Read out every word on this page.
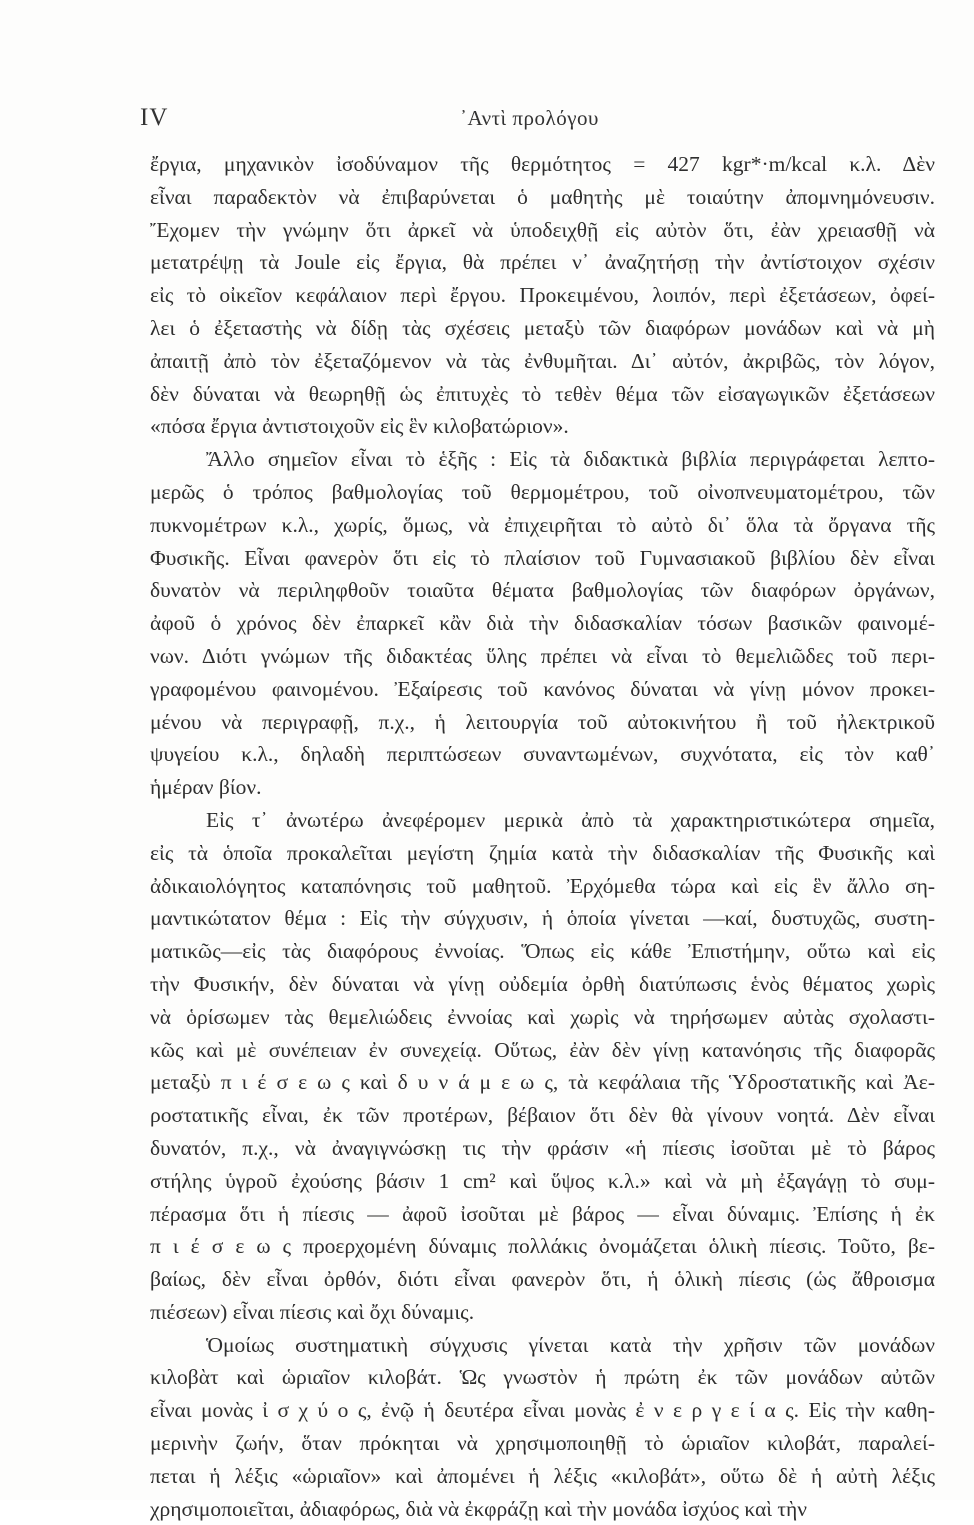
IV	᾽Αντὶ προλόγου
ἔργια, μηχανικὸν ἰσοδύναμον τῆς θερμότητος = 427 kgr*·m/kcal κ.λ. Δὲν
εἶναι παραδεκτὸν νὰ ἐπιβαρύνεται ὁ μαθητὴς μὲ τοιαύτην ἀπομνημόνευσιν.
Ἔχομεν τὴν γνώμην ὅτι ἀρκεῖ νὰ ὑποδειχθῇ εἰς αὐτὸν ὅτι, ἐὰν χρειασθῇ νὰ
μετατρέψῃ τὰ Joule εἰς ἔργια, θὰ πρέπει ν᾽ ἀναζητήσῃ τὴν ἀντίστοιχον σχέσιν
εἰς τὸ οἰκεῖον κεφάλαιον περὶ ἔργου. Προκειμένου, λοιπόν, περὶ ἐξετάσεων, ὀφεί-
λει ὁ ἐξεταστὴς νὰ δίδῃ τὰς σχέσεις μεταξὺ τῶν διαφόρων μονάδων καὶ νὰ μὴ
ἀπαιτῇ ἀπὸ τὸν ἐξεταζόμενον νὰ τὰς ἐνθυμῆται. Δι᾽ αὐτόν, ἀκριβῶς, τὸν λόγον,
δὲν δύναται νὰ θεωρηθῇ ὡς ἐπιτυχὲς τὸ τεθὲν θέμα τῶν εἰσαγωγικῶν ἐξετάσεων
«πόσα ἔργια ἀντιστοιχοῦν εἰς ἓν κιλοβατώριον».
Ἄλλο σημεῖον εἶναι τὸ ἑξῆς : Εἰς τὰ διδακτικὰ βιβλία περιγράφεται λεπτο-
μερῶς ὁ τρόπος βαθμολογίας τοῦ θερμομέτρου, τοῦ οἰνοπνευματομέτρου, τῶν
πυκνομέτρων κ.λ., χωρίς, ὅμως, νὰ ἐπιχειρῆται τὸ αὐτὸ δι᾽ ὅλα τὰ ὄργανα τῆς
Φυσικῆς. Εἶναι φανερὸν ὅτι εἰς τὸ πλαίσιον τοῦ Γυμνασιακοῦ βιβλίου δὲν εἶναι
δυνατὸν νὰ περιληφθοῦν τοιαῦτα θέματα βαθμολογίας τῶν διαφόρων ὀργάνων,
ἀφοῦ ὁ χρόνος δὲν ἐπαρκεῖ κἂν διὰ τὴν διδασκαλίαν τόσων βασικῶν φαινομέ-
νων. Διότι γνώμων τῆς διδακτέας ὕλης πρέπει νὰ εἶναι τὸ θεμελιῶδες τοῦ περι-
γραφομένου φαινομένου. Ἐξαίρεσις τοῦ κανόνος δύναται νὰ γίνῃ μόνον προκει-
μένου νὰ περιγραφῇ, π.χ., ἡ λειτουργία τοῦ αὐτοκινήτου ἢ τοῦ ἠλεκτρικοῦ
ψυγείου κ.λ., δηλαδὴ περιπτώσεων συναντωμένων, συχνότατα, εἰς τὸν καθ᾽
ἡμέραν βίον.
Εἰς τ᾽ ἀνωτέρω ἀνεφέρομεν μερικὰ ἀπὸ τὰ χαρακτηριστικώτερα σημεῖα,
εἰς τὰ ὁποῖα προκαλεῖται μεγίστη ζημία κατὰ τὴν διδασκαλίαν τῆς Φυσικῆς καὶ
ἀδικαιολόγητος καταπόνησις τοῦ μαθητοῦ. Ἐρχόμεθα τώρα καὶ εἰς ἓν ἄλλο ση-
μαντικώτατον θέμα : Εἰς τὴν σύγχυσιν, ἡ ὁποία γίνεται —καί, δυστυχῶς, συστη-
ματικῶς—εἰς τὰς διαφόρους ἐννοίας. Ὅπως εἰς κάθε Ἐπιστήμην, οὕτω καὶ εἰς
τὴν Φυσικήν, δὲν δύναται νὰ γίνῃ οὐδεμία ὀρθὴ διατύπωσις ἑνὸς θέματος χωρὶς
νὰ ὁρίσωμεν τὰς θεμελιώδεις ἐννοίας καὶ χωρὶς νὰ τηρήσωμεν αὐτὰς σχολαστι-
κῶς καὶ μὲ συνέπειαν ἐν συνεχείᾳ. Οὕτως, ἐὰν δὲν γίνῃ κατανόησις τῆς διαφορᾶς
μεταξὺ π ι έ σ ε ω ς καὶ δ υ ν ά μ ε ω ς, τὰ κεφάλαια τῆς Ὑδροστατικῆς καὶ Ἀε-
ροστατικῆς εἶναι, ἐκ τῶν προτέρων, βέβαιον ὅτι δὲν θὰ γίνουν νοητά. Δὲν εἶναι
δυνατόν, π.χ., νὰ ἀναγιγνώσκῃ τις τὴν φράσιν «ἡ πίεσις ἰσοῦται μὲ τὸ βάρος
στήλης ὑγροῦ ἐχούσης βάσιν 1 cm² καὶ ὕψος κ.λ.» καὶ νὰ μὴ ἐξαγάγῃ τὸ συμ-
πέρασμα ὅτι ἡ πίεσις — ἀφοῦ ἰσοῦται μὲ βάρος — εἶναι δύναμις. Ἐπίσης ἡ ἐκ
π ι έ σ ε ω ς προερχομένη δύναμις πολλάκις ὀνομάζεται ὁλικὴ πίεσις. Τοῦτο, βε-
βαίως, δὲν εἶναι ὀρθόν, διότι εἶναι φανερὸν ὅτι, ἡ ὁλικὴ πίεσις (ὡς ἄθροισμα
πιέσεων) εἶναι πίεσις καὶ ὄχι δύναμις.
Ὁμοίως συστηματικὴ σύγχυσις γίνεται κατὰ τὴν χρῆσιν τῶν μονάδων
κιλοβὰτ καὶ ὡριαῖον κιλοβάτ. Ὡς γνωστὸν ἡ πρώτη ἐκ τῶν μονάδων αὐτῶν
εἶναι μονὰς ἰ σ χ ύ ο ς, ἐνῷ ἡ δευτέρα εἶναι μονὰς ἐ ν ε ρ γ ε ί α ς. Εἰς τὴν καθη-
μερινὴν ζωήν, ὅταν πρόκηται νὰ χρησιμοποιηθῇ τὸ ὡριαῖον κιλοβάτ, παραλεί-
πεται ἡ λέξις «ὡριαῖον» καὶ ἀπομένει ἡ λέξις «κιλοβάτ», οὕτω δὲ ἡ αὐτὴ λέξις
χρησιμοποιεῖται, ἀδιαφόρως, διὰ νὰ ἐκφράζῃ καὶ τὴν μονάδα ἰσχύος καὶ τὴν
